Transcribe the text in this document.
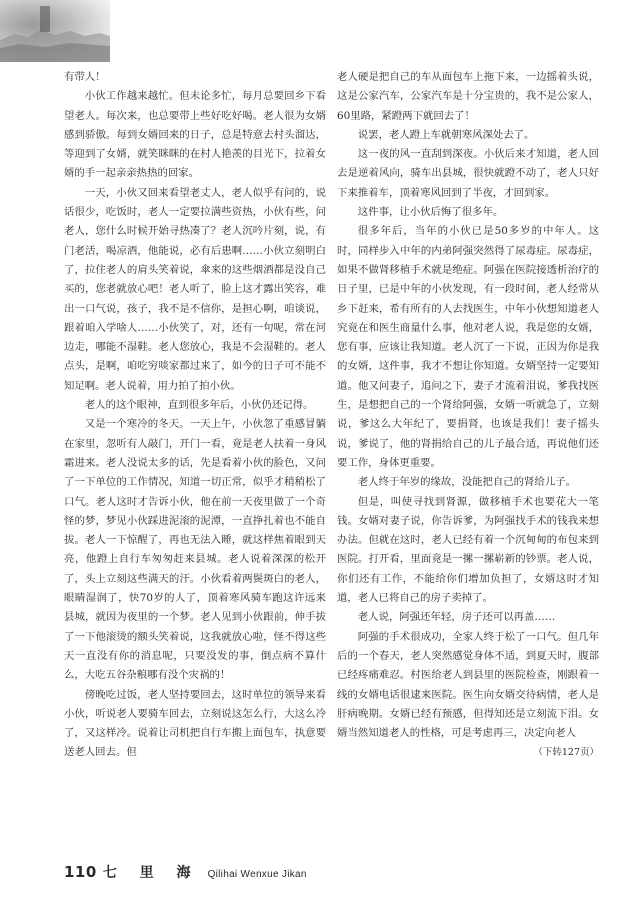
有带人！

小伙工作越来越忙。但未论多忙，每月总要回乡下看望老人。每次来，也总要带上些好吃好喝。老人很为女婿感到骄傲。每到女婿回来的日子，总是特意去村头溜达，等迎到了女婿，就笑眯眯的在村人艳羡的目光下，拉着女婿的手一起亲亲热热的回家。

一天，小伙又回来看望老丈人，老人似乎有问的，说话很少，吃饭时，老人一定要拉满些资热，小伙有些，问老人，您什么时候开始寻热凑了？老人沉吟片刻，说，有门老活，喝凉酒，他能说，必有后患啊……小伙立刻明白了，拉住老人的肩头笑着说，傘来的这些烟酒都是没自己买的，您老就放心吧！老人听了，脸上这才露出笑容，难出一口气说，孩子，我不是不信你，是担心啊，咱谈说，跟着咱入学啥人……小伙笑了，对，还有一句呢，常在河边走，哪能不湿鞋。老人您放心，我是不会湿鞋的。老人点头，是啊，咱吃穷啖家都过来了，如今的日子可不能不知足啊。老人说着，用力拍了拍小伙。

老人的这个眼神，直到很多年后，小伙仍还记得。

又是一个寒冷的冬天。一天上午，小伙忽了重感冒躺在家里，忽听有人敲门，开门一看，竟是老人扶着一身风霜进来。老人没说太多的话，先是看着小伙的脸色，又问了一下单位的工作情况，知道一切正常，似乎才稍稍松了口气。老人这时才告诉小伙，他在前一天夜里做了一个奇怪的梦，梦见小伙踩进泥滚的泥潭，一直挣扎着也不能自拔。老人一下惊醒了，再也无法入睡，就这样焦着眼到天亮，他蹬上自行车匆匆赶来县城。老人说着深深的松开了，头上立刻这些满天的汗。小伙看着两鬓斑白的老人，眼睛湿润了，快70岁的人了，顶着寒风骑车跑这许远来县城，就因为夜里的一个梦。老人见到小伙跟前，伸手拔了一下他滚烫的额头笑着说，这我就放心啦，怪不得这些天一直没有你的消息呢，只要没发的事，倒点病不算什么，大吃五谷杂粮哪有没个灾祸的！

傍晚吃过饭，老人坚持要回去，这时单位的领导来看小伙，听说老人要骑车回去，立刻说这怎么行，大这么冷了，又这样冷。说着让司机把自行车搬上面包车，执意要送老人回去。但

老人硬是把自己的车从面包车上拖下来，一边摇着头说，这是公家汽车，公家汽车是十分宝贵的，我不是公家人，60里路，紧蹬两下就回去了！

说罢，老人蹬上车就朝寒风深处去了。

这一夜的风一直刮到深夜。小伙后来才知道，老人回去是逆着风向，骑车出县城，很快就蹬不动了，老人只好下来推着车，顶着寒风回到了半夜，才回到家。

这件事，让小伙后悔了很多年。

很多年后，当年的小伙已是50多岁的中年人。这时，同样步入中年的内弟阿强突然得了尿毒症。尿毒症，如果不做肾移植手术就是绝症。阿强在医院接透析治疗的日子里，已是中年的小伙发现，有一段时间，老人经常从乡下赶来，希有所有的人去找医生，中年小伙想知道老人究竟在和医生商量什么事，他对老人说，我是您的女婿，您有事，应该让我知道。老人沉了一下说，正因为你是我的女婿，这件事，我才不想让你知道。女婿坚持一定要知道。他又问妻子，追问之下，妻子才流着泪说，爹我找医生，是想把自己的一个肾给阿强，女婿一听就急了，立刻说，爹这么大年纪了，要捐肾，也该是我们！妻子摇头说，爹说了，他的肾捐给自己的儿子最合适，再说他们还要工作，身体更重要。

老人终于年岁的缘故，没能把自己的肾给儿子。

但是，叫使寻找到肾源，做移植手术也要花大一笔钱。女婿对妻子说，你告诉爹，为阿强找手术的钱我来想办法。但就在这时，老人已经有着一个沉甸甸的布包来到医院。打开看，里面竟是一摞一摞崭新的钞票。老人说，你们还有工作，不能给你们增加负担了，女婿这时才知道，老人已将自己的房子卖掉了。

老人说，阿强还年轻，房子还可以再盖……

阿强的手术很成功，全家人终于松了一口气。但几年后的一个春天，老人突然感觉身体不适，到夏天时，腹部已经疼痛难忍。村医给老人到县里的医院检查，刚跟着一线的女婿电话很逮来医院。医生向女婿交待病情，老人是肝病晚期。女婿已经有预感，但得知还是立刻流下泪。女婿当然知道老人的性格，可是考虑再三，决定向老人

（下转127页）

110 七 里 海 Qilihai Wenxue Jikan
